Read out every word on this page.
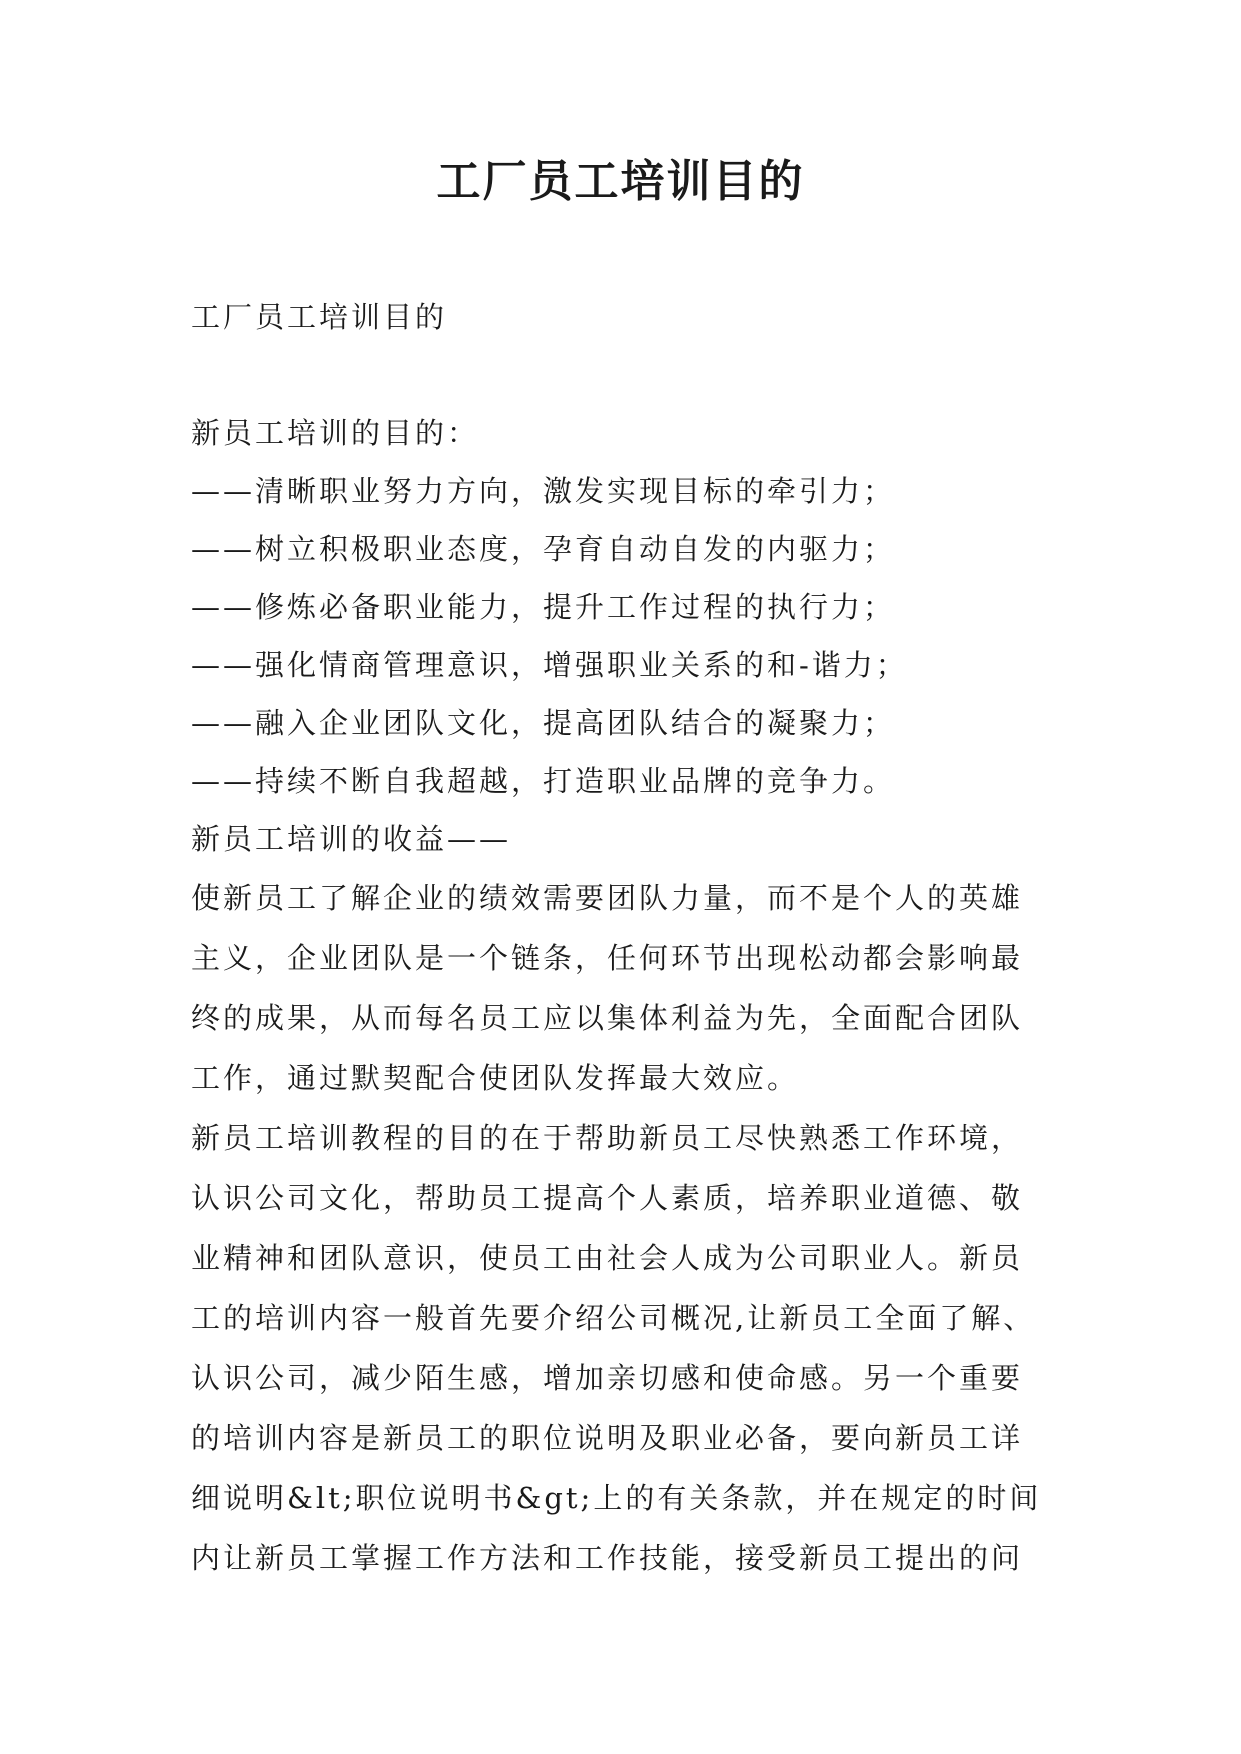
工厂员工培训目的
工厂员工培训目的
新员工培训的目的：
——清晰职业努力方向，激发实现目标的牵引力；
——树立积极职业态度，孕育自动自发的内驱力；
——修炼必备职业能力，提升工作过程的执行力；
——强化情商管理意识，增强职业关系的和-谐力；
——融入企业团队文化，提高团队结合的凝聚力；
——持续不断自我超越，打造职业品牌的竞争力。
新员工培训的收益——
使新员工了解企业的绩效需要团队力量，而不是个人的英雄
主义，企业团队是一个链条，任何环节出现松动都会影响最
终的成果，从而每名员工应以集体利益为先，全面配合团队
工作，通过默契配合使团队发挥最大效应。
新员工培训教程的目的在于帮助新员工尽快熟悉工作环境，
认识公司文化，帮助员工提高个人素质，培养职业道德、敬
业精神和团队意识，使员工由社会人成为公司职业人。新员
工的培训内容一般首先要介绍公司概况,让新员工全面了解、
认识公司，减少陌生感，增加亲切感和使命感。另一个重要
的培训内容是新员工的职位说明及职业必备，要向新员工详
细说明&lt;职位说明书&gt;上的有关条款，并在规定的时间
内让新员工掌握工作方法和工作技能，接受新员工提出的问
